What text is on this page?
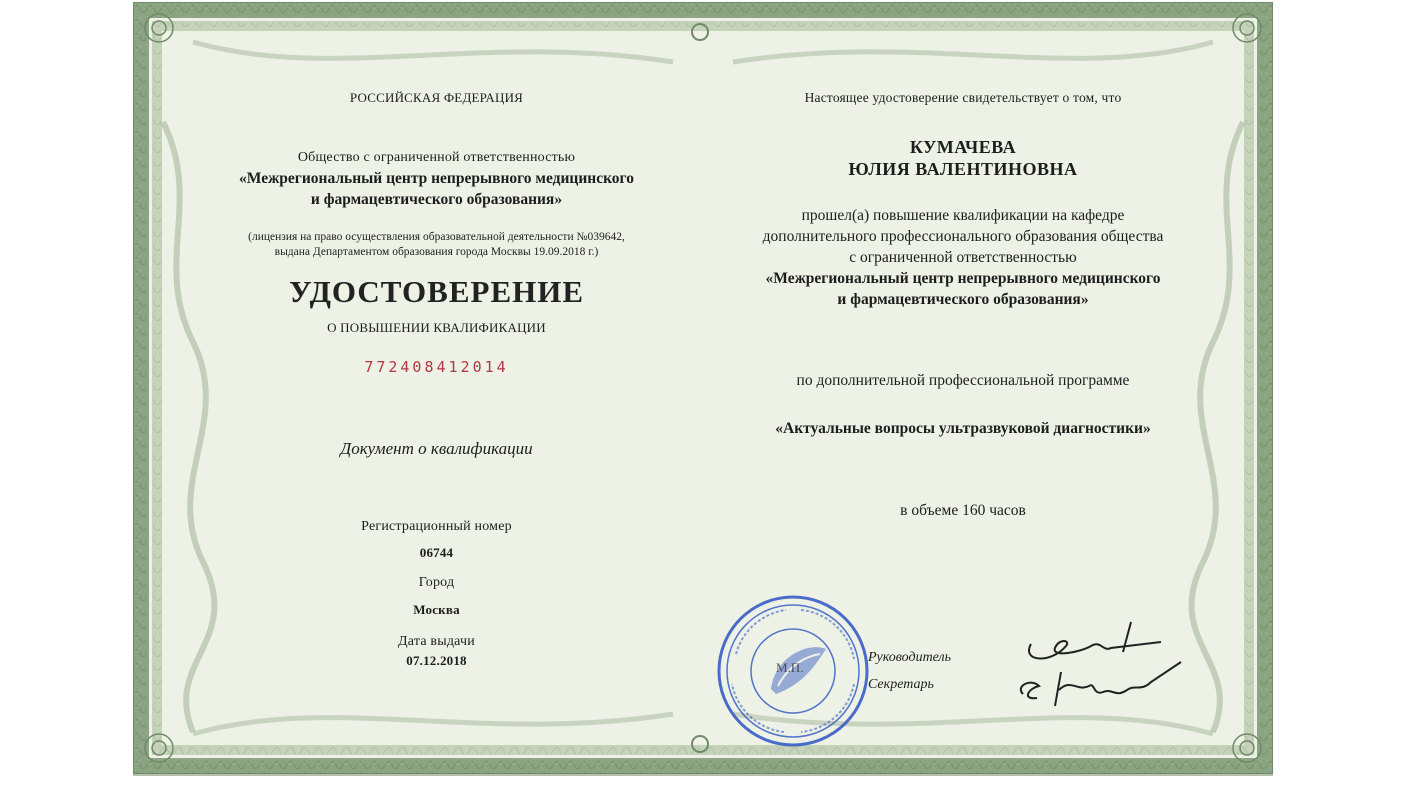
РОССИЙСКАЯ ФЕДЕРАЦИЯ

Общество с ограниченной ответственностью

«Межрегиональный центр непрерывного медицинского

и фармацевтического образования»

(лицензия на право осуществления образовательной деятельности №039642,

выдана Департаментом образования города Москвы 19.09.2018 г.)

УДОСТОВЕРЕНИЕ

О ПОВЫШЕНИИ КВАЛИФИКАЦИИ

772408412014

Документ о квалификации

Регистрационный номер

06744

Город

Москва

Дата выдачи

07.12.2018

Настоящее удостоверение свидетельствует о том, что

КУМАЧЕВА

ЮЛИЯ ВАЛЕНТИНОВНА

прошел(а) повышение квалификации на кафедре

дополнительного профессионального образования общества

с ограниченной ответственностью

«Межрегиональный центр непрерывного медицинского

и фармацевтического образования»

по дополнительной профессиональной программе

«Актуальные вопросы ультразвуковой диагностики»

в объеме 160 часов

Руководитель
Секретарь
М.П.
